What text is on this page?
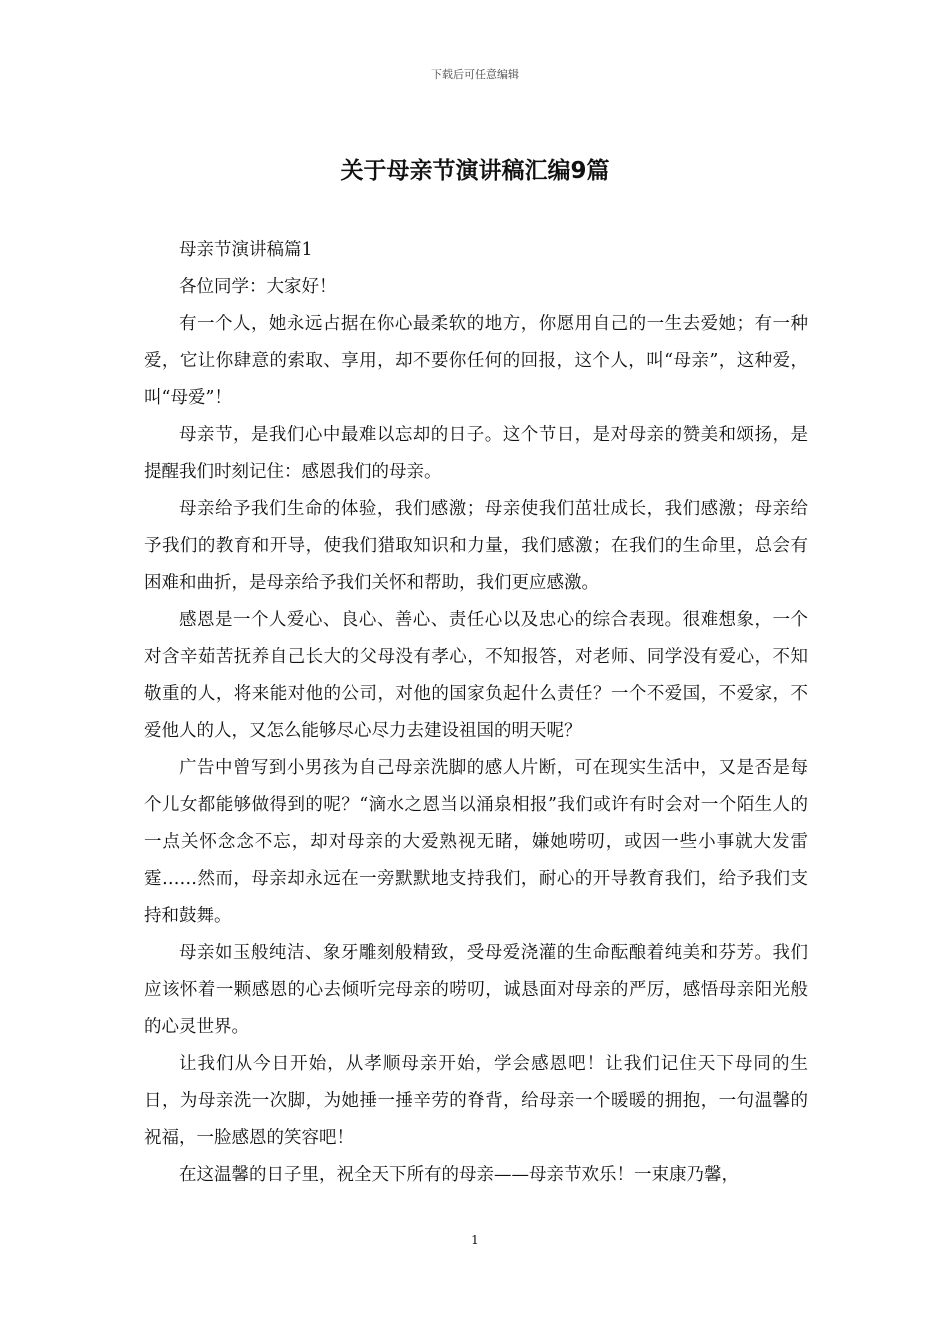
下载后可任意编辑
关于母亲节演讲稿汇编9篇

母亲节演讲稿篇1

各位同学：大家好！

有一个人，她永远占据在你心最柔软的地方，你愿用自己的一生去爱她；有一种爱，它让你肆意的索取、享用，却不要你任何的回报，这个人，叫“母亲”，这种爱，叫“母爱”！

母亲节，是我们心中最难以忘却的日子。这个节日，是对母亲的赞美和颂扬，是提醒我们时刻记住：感恩我们的母亲。

母亲给予我们生命的体验，我们感激；母亲使我们茁壮成长，我们感激；母亲给予我们的教育和开导，使我们猎取知识和力量，我们感激；在我们的生命里，总会有困难和曲折，是母亲给予我们关怀和帮助，我们更应感激。

感恩是一个人爱心、良心、善心、责任心以及忠心的综合表现。很难想象，一个对含辛茹苦抚养自己长大的父母没有孝心，不知报答，对老师、同学没有爱心，不知敬重的人，将来能对他的公司，对他的国家负起什么责任？一个不爱国，不爱家，不爱他人的人，又怎么能够尽心尽力去建设祖国的明天呢？

广告中曾写到小男孩为自己母亲洗脚的感人片断，可在现实生活中，又是否是每个儿女都能够做得到的呢？“滴水之恩当以涌泉相报”我们或许有时会对一个陌生人的一点关怀念念不忘，却对母亲的大爱熟视无睹，嫌她唠叨，或因一些小事就大发雷霆……然而，母亲却永远在一旁默默地支持我们，耐心的开导教育我们，给予我们支持和鼓舞。

母亲如玉般纯洁、象牙雕刻般精致，受母爱浇灌的生命酝酿着纯美和芬芳。我们应该怀着一颗感恩的心去倾听完母亲的唠叨，诚恳面对母亲的严厉，感悟母亲阳光般的心灵世界。

让我们从今日开始，从孝顺母亲开始，学会感恩吧！让我们记住天下母同的生日，为母亲洗一次脚，为她捶一捶辛劳的脊背，给母亲一个暖暖的拥抱，一句温馨的祝福，一脸感恩的笑容吧！

在这温馨的日子里，祝全天下所有的母亲——母亲节欢乐！一束康乃馨，

1
